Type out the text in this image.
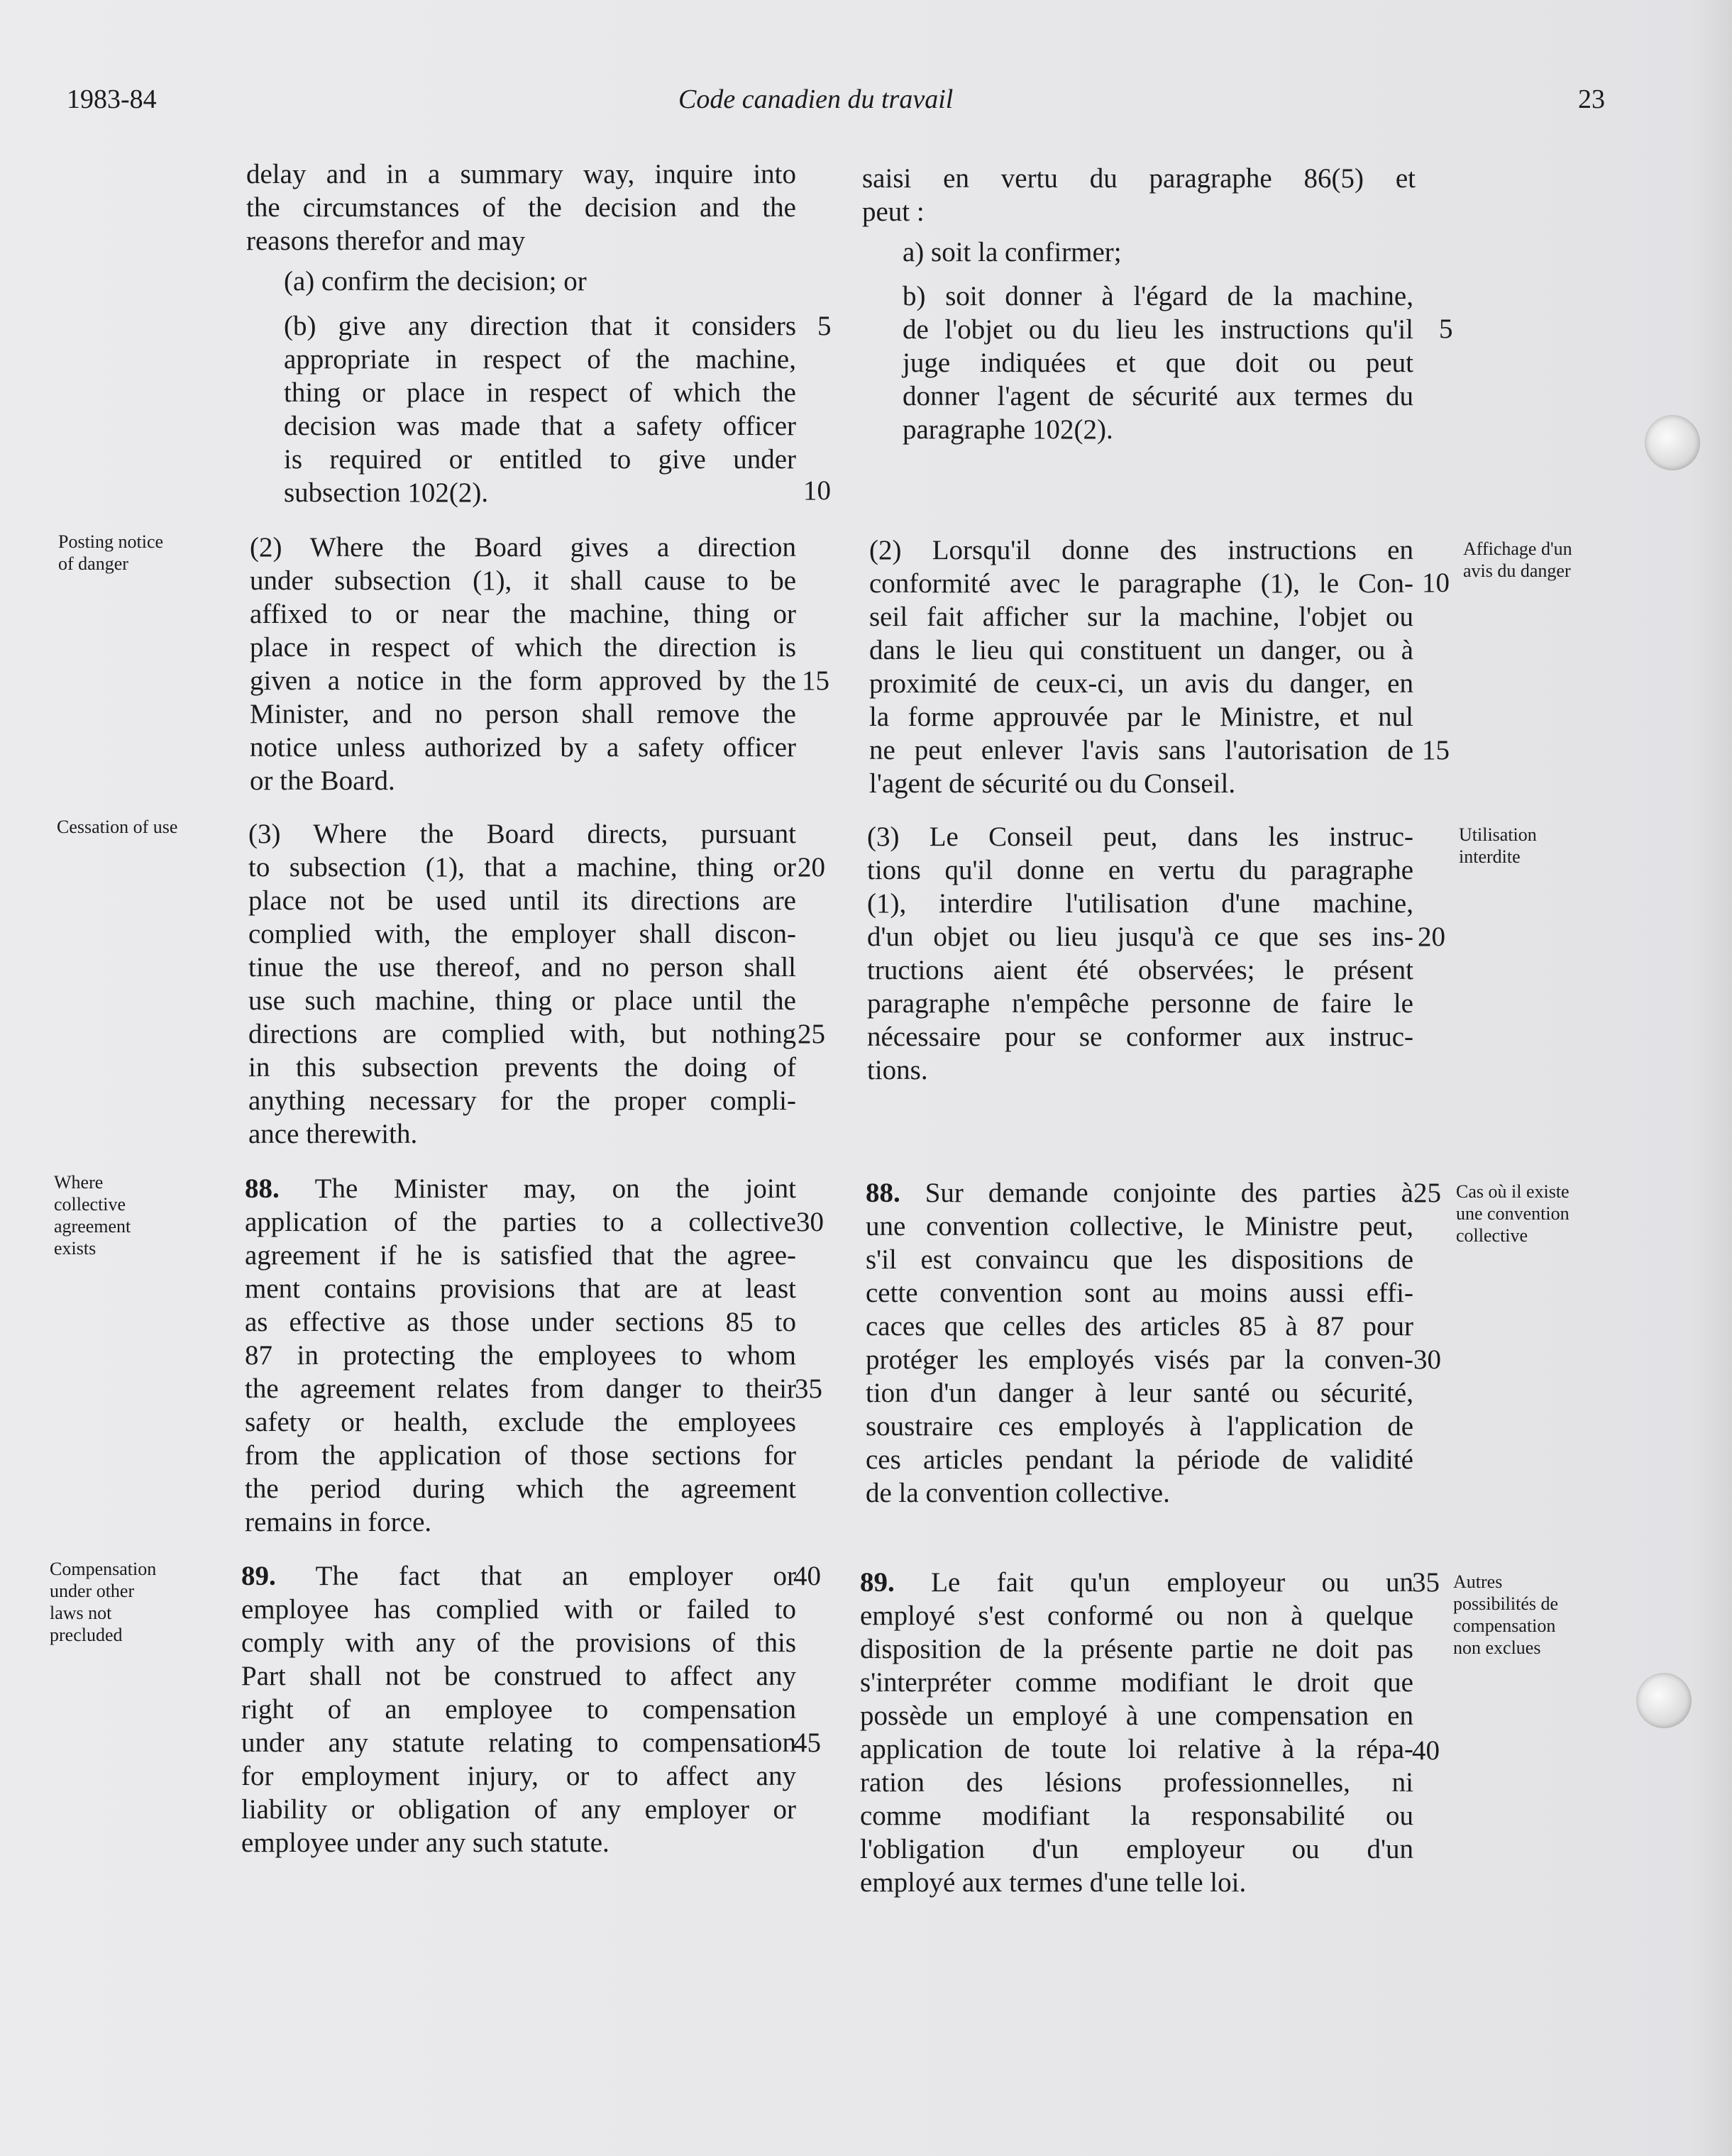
1983-84	Code canadien du travail	23
delay and in a summary way, inquire into
the circumstances of the decision and the
reasons therefor and may
(a) confirm the decision; or
(b) give any direction that it considers
appropriate in respect of the machine,
thing or place in respect of which the
decision was made that a safety officer
is required or entitled to give under
subsection 102(2).
(2) Where the Board gives a direction
under subsection (1), it shall cause to be
affixed to or near the machine, thing or
place in respect of which the direction is
given a notice in the form approved by the
Minister, and no person shall remove the
notice unless authorized by a safety officer
or the Board.
(3) Where the Board directs, pursuant
to subsection (1), that a machine, thing or
place not be used until its directions are
complied with, the employer shall discon-
tinue the use thereof, and no person shall
use such machine, thing or place until the
directions are complied with, but nothing
in this subsection prevents the doing of
anything necessary for the proper compli-
ance therewith.
88. The Minister may, on the joint
application of the parties to a collective
agreement if he is satisfied that the agree-
ment contains provisions that are at least
as effective as those under sections 85 to
87 in protecting the employees to whom
the agreement relates from danger to their
safety or health, exclude the employees
from the application of those sections for
the period during which the agreement
remains in force.
89. The fact that an employer or
employee has complied with or failed to
comply with any of the provisions of this
Part shall not be construed to affect any
right of an employee to compensation
under any statute relating to compensation
for employment injury, or to affect any
liability or obligation of any employer or
employee under any such statute.
5
10
15
20
25
30
35
40
45
saisi en vertu du paragraphe 86(5) et
peut :
a) soit la confirmer;
b) soit donner à l'égard de la machine,
de l'objet ou du lieu les instructions qu'il
juge indiquées et que doit ou peut
donner l'agent de sécurité aux termes du
paragraphe 102(2).
(2) Lorsqu'il donne des instructions en
conformité avec le paragraphe (1), le Con-
seil fait afficher sur la machine, l'objet ou
dans le lieu qui constituent un danger, ou à
proximité de ceux-ci, un avis du danger, en
la forme approuvée par le Ministre, et nul
ne peut enlever l'avis sans l'autorisation de
l'agent de sécurité ou du Conseil.
(3) Le Conseil peut, dans les instruc-
tions qu'il donne en vertu du paragraphe
(1), interdire l'utilisation d'une machine,
d'un objet ou lieu jusqu'à ce que ses ins-
tructions aient été observées; le présent
paragraphe n'empêche personne de faire le
nécessaire pour se conformer aux instruc-
tions.
88. Sur demande conjointe des parties à
une convention collective, le Ministre peut,
s'il est convaincu que les dispositions de
cette convention sont au moins aussi effi-
caces que celles des articles 85 à 87 pour
protéger les employés visés par la conven-
tion d'un danger à leur santé ou sécurité,
soustraire ces employés à l'application de
ces articles pendant la période de validité
de la convention collective.
89. Le fait qu'un employeur ou un
employé s'est conformé ou non à quelque
disposition de la présente partie ne doit pas
s'interpréter comme modifiant le droit que
possède un employé à une compensation en
application de toute loi relative à la répa-
ration des lésions professionnelles, ni
comme modifiant la responsabilité ou
l'obligation d'un employeur ou d'un
employé aux termes d'une telle loi.
5
10
15
20
25
30
35
40
Posting notice
of danger
Cessation of use
Where
collective
agreement
exists
Compensation
under other
laws not
precluded
Affichage d'un
avis du danger
Utilisation
interdite
Cas où il existe
une convention
collective
Autres
possibilités de
compensation
non exclues
